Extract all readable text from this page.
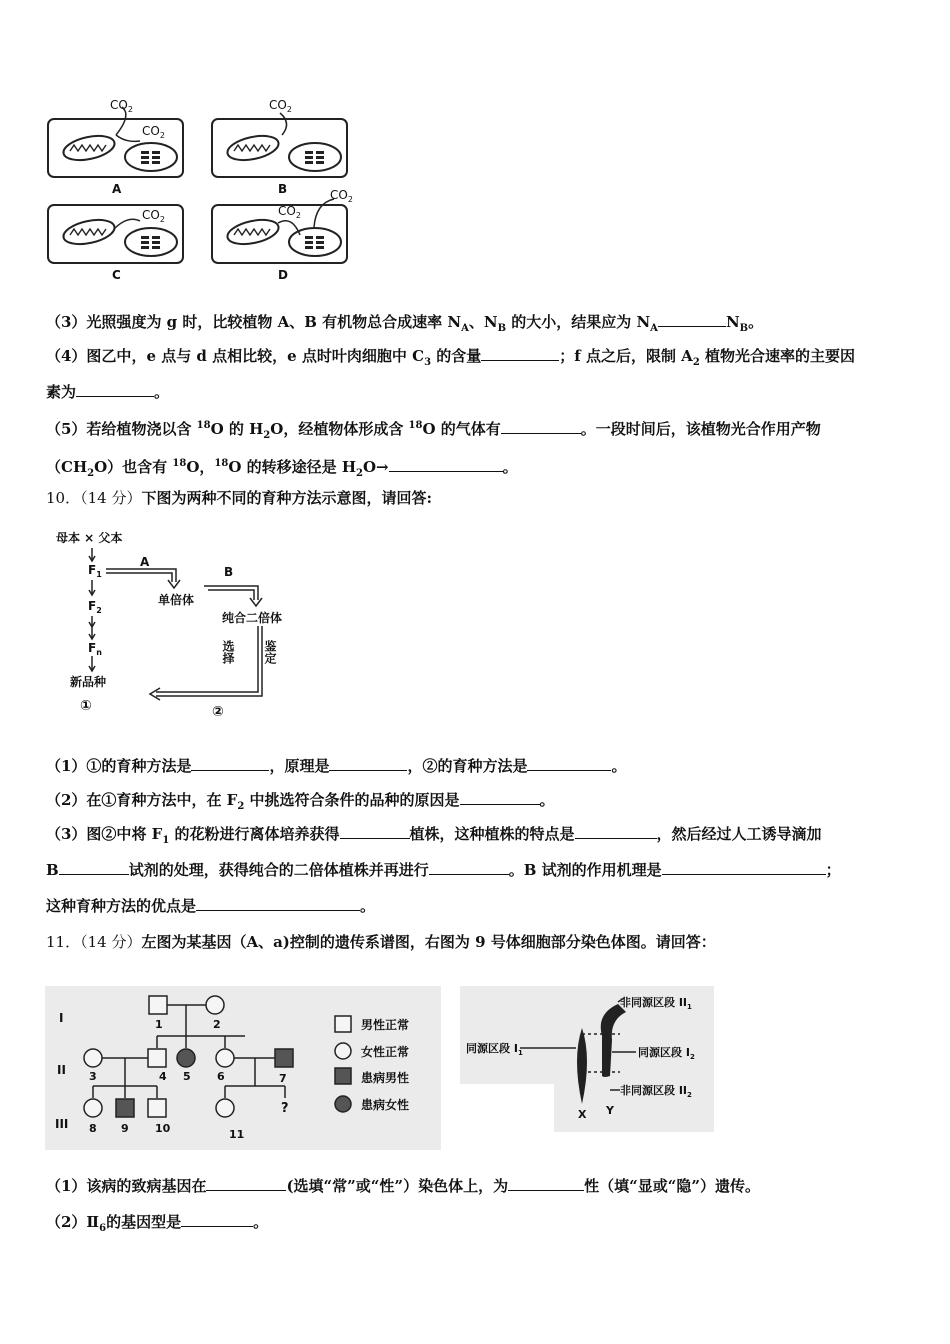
$CO_2$
$CO_2$
$CO_2$
$CO_2$
$CO_2$
$CO_2$
A	B
C	D
（3）光照强度为 g 时，比较植物 A、B 有机物总合成速率 $N_A$、$N_B$ 的大小，结果应为 $N_A$	$N_B$。
（4）图乙中，e 点与 d 点相比较，e 点时叶肉细胞中 $C_3$ 的含量	；f 点之后，限制 $A_2$ 植物光合速率的主要因
素为	。
（5）若给植物浇以含 $^{18}$O 的 $H_2O$，经植物体形成含 $^{18}$O 的气体有	。一段时间后，该植物光合作用产物
$(CH_2O)$也含有 $^{18}$O，$^{18}$O 的转移途径是 $H_2O\to$	。
10．（14 分）下图为两种不同的育种方法示意图，请回答:
母本 × 父本
$F_1$
$F_2$
$F_n$
新品种
单倍体
纯合二倍体
A
B
选择 鉴定
①	②
（1）①的育种方法是	，原理是	，②的育种方法是	。
（2）在①育种方法中，在 $F_2$ 中挑选符合条件的品种的原因是	。
（3）图②中将 $F_1$ 的花粉进行离体培养获得	植株，这种植株的特点是	，然后经过人工诱导滴加
B	试剂的处理，获得纯合的二倍体植株并再进行	。B 试剂的作用机理是	；
这种育种方法的优点是	。
11．（14 分）左图为某基因（A、a)控制的遗传系谱图，右图为 9 号体细胞部分染色体图。请回答：
I
II
III
1	2
3	4 5 6	7
8 9 10	11
?
男性正常
女性正常
患病男性
患病女性
同源区段 $I_1$
非同源区段 $II_1$
同源区段 $I_2$
非同源区段 $II_2$
X Y
（1）该病的致病基因在	(选填“常”或“性”）染色体上，为	性（填“显或“隐”）遗传。
$(2)Ⅱ_6$的基因型是	。
